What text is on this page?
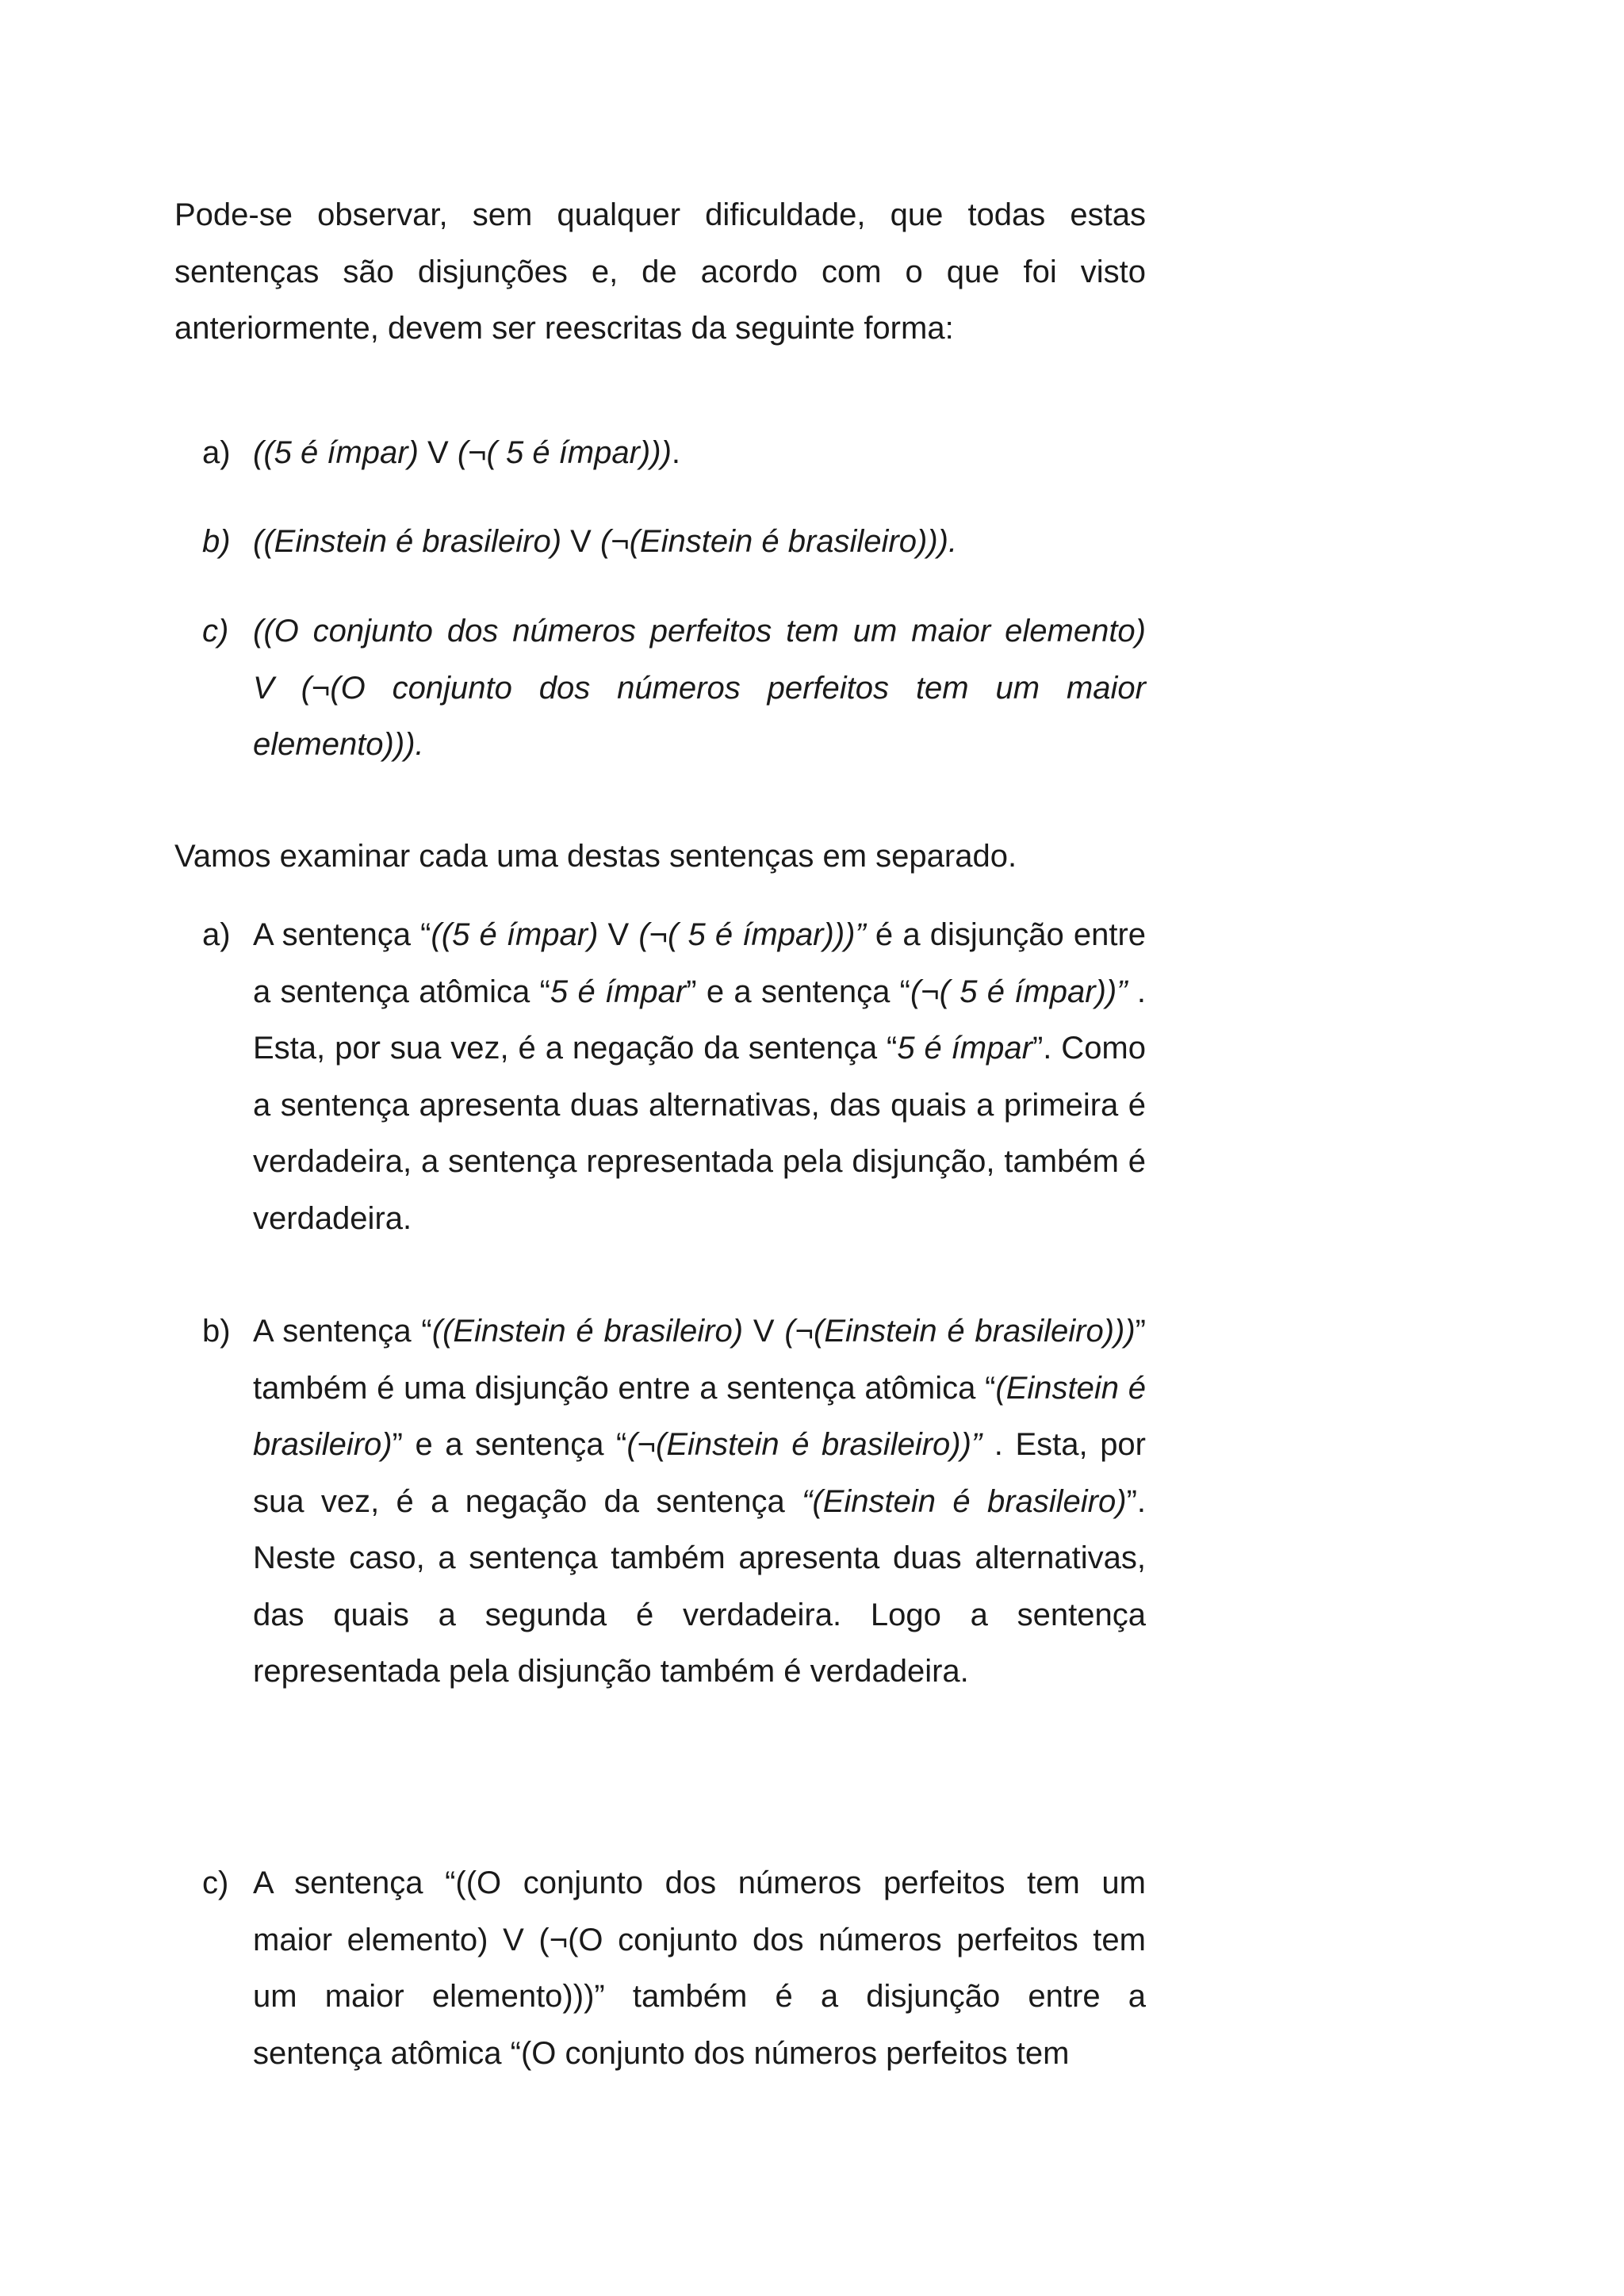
Pode-se observar, sem qualquer dificuldade, que todas estas
sentenças são disjunções e, de acordo com o que foi visto
anteriormente, devem ser reescritas da seguinte forma:
a) ((5 é ímpar) V (¬( 5 é ímpar))).
b) ((Einstein é brasileiro) V (¬(Einstein é brasileiro))).
c) ((O conjunto dos números perfeitos tem um maior elemento)
V (¬(O conjunto dos números perfeitos tem um maior
elemento))).
Vamos examinar cada uma destas sentenças em separado.
a) A sentença “((5 é ímpar) V (¬( 5 é ímpar)))” é a disjunção entre a sentença atômica “5 é ímpar” e a sentença “(¬( 5 é ímpar))” . Esta, por sua vez, é a negação da sentença “5 é ímpar”. Como a sentença apresenta duas alternativas, das quais a primeira é verdadeira, a sentença representada pela disjunção, também é verdadeira.
b) A sentença “((Einstein é brasileiro) V (¬(Einstein é brasileiro)))” também é uma disjunção entre a sentença atômica “(Einstein é brasileiro)” e a sentença “(¬(Einstein é brasileiro))” . Esta, por sua vez, é a negação da sentença “(Einstein é brasileiro)”. Neste caso, a sentença também apresenta duas alternativas, das quais a segunda é verdadeira. Logo a sentença representada pela disjunção também é verdadeira.
c) A sentença “((O conjunto dos números perfeitos tem um
maior elemento) V (¬(O conjunto dos números perfeitos tem
um maior elemento)))” também é a disjunção entre a
sentença atômica “(O conjunto dos números perfeitos tem
